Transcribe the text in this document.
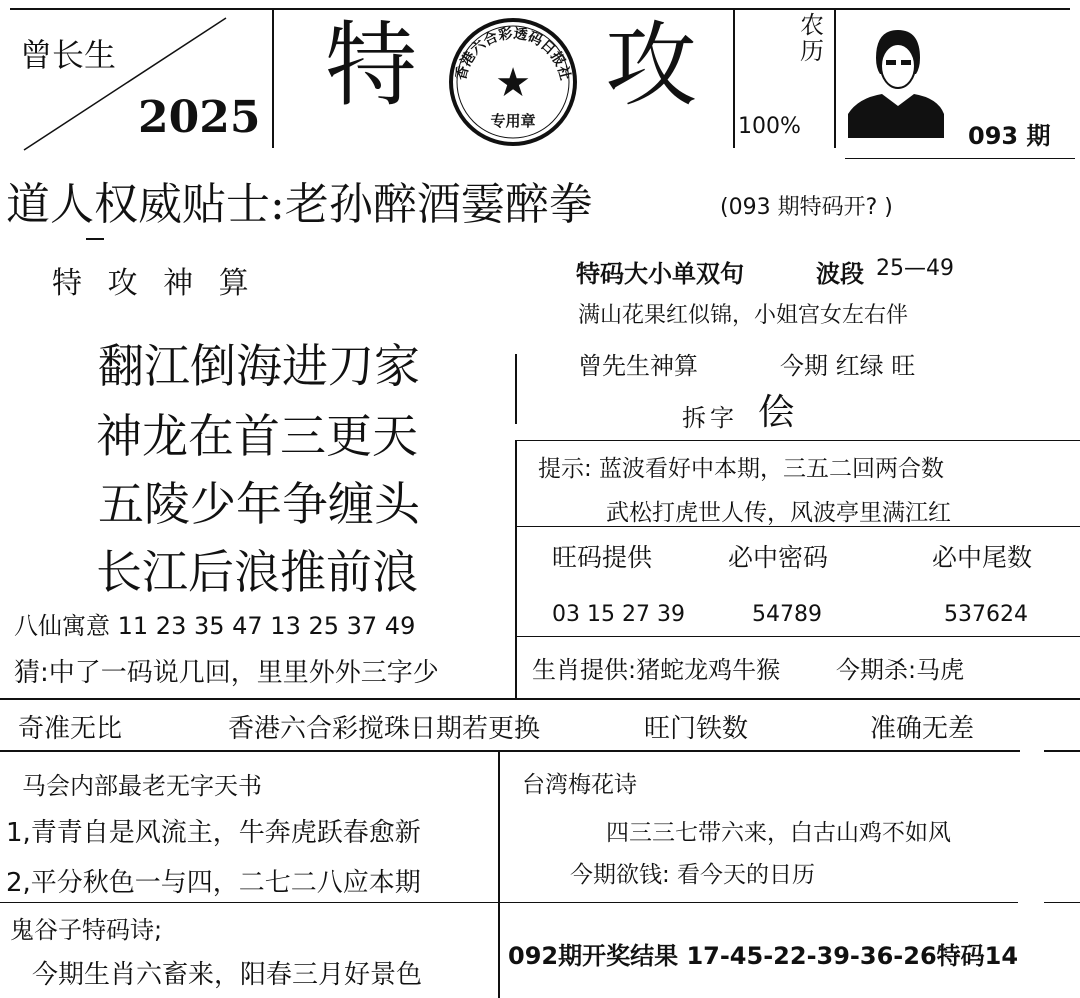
曾长生
2025 特 攻
香港六合彩透码日报社
★
专用章
农历
100%	093 期
道人权威贴士:老孙醉酒霎醉拳	(093 期特码开? )
特 攻 神 算
翻江倒海进刀家
神龙在首三更天
五陵少年争缠头
长江后浪推前浪
八仙寓意 11 23 35 47 13 25 37 49
猜:中了一码说几回，里里外外三字少
特码大小单双句	波段 25—49
满山花果红似锦，小姐宫女左右伴
曾先生神算	今期 红绿 旺
拆字 侩
提示: 蓝波看好中本期，三五二回两合数
武松打虎世人传，风波亭里满江红
旺码提供	必中密码	必中尾数
03 15 27 39	54789	537624
生肖提供:猪蛇龙鸡牛猴 今期杀:马虎
奇准无比	香港六合彩搅珠日期若更换	旺门铁数	准确无差
马会内部最老无字天书
1,青青自是风流主，牛奔虎跃春愈新
2,平分秋色一与四，二七二八应本期
鬼谷子特码诗;
今期生肖六畜来，阳春三月好景色
台湾梅花诗
四三三七带六来，白古山鸡不如风
今期欲钱: 看今天的日历
092期开奖结果 17-45-22-39-36-26特码14
